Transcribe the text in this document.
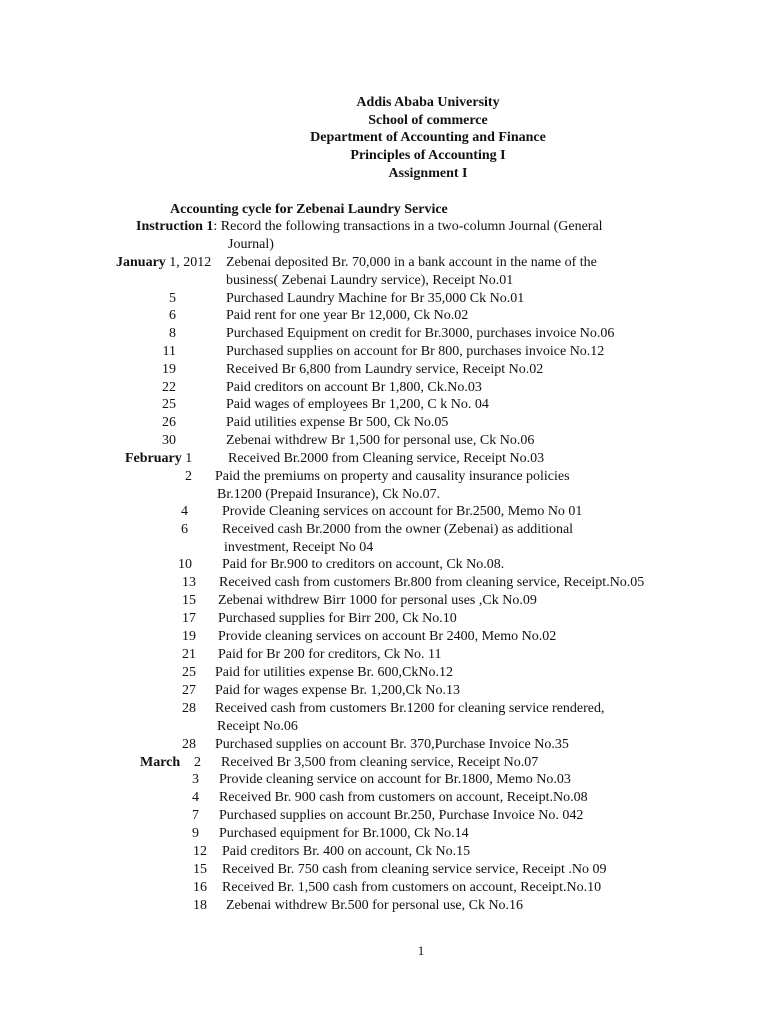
Addis Ababa University
School of commerce
Department of Accounting and Finance
Principles of Accounting I
Assignment I
Accounting cycle for Zebenai Laundry Service
Instruction 1: Record the following transactions in a two-column Journal (General
Journal)
January 1, 2012 Zebenai deposited Br. 70,000 in a bank account in the name of the
business( Zebenai Laundry service), Receipt No.01
5	Purchased Laundry Machine for Br 35,000 Ck No.01
6	Paid rent for one year Br 12,000, Ck No.02
8	Purchased Equipment on credit for Br.3000, purchases invoice No.06
11	Purchased supplies on account for Br 800, purchases invoice No.12
19	Received Br 6,800 from Laundry service, Receipt No.02
22	Paid creditors on account Br 1,800, Ck.No.03
25	Paid wages of employees Br 1,200, C k No. 04
26	Paid utilities expense Br 500, Ck No.05
30	Zebenai withdrew Br 1,500 for personal use, Ck No.06
February 1	Received Br.2000 from Cleaning service, Receipt No.03
2 Paid the premiums on property and causality insurance policies
Br.1200 (Prepaid Insurance), Ck No.07.
4 Provide Cleaning services on account for Br.2500, Memo No 01
6 Received cash Br.2000 from the owner (Zebenai) as additional
investment, Receipt No 04
10 Paid for Br.900 to creditors on account, Ck No.08.
13 Received cash from customers Br.800 from cleaning service, Receipt.No.05
15 Zebenai withdrew Birr 1000 for personal uses ,Ck No.09
17 Purchased supplies for Birr 200, Ck No.10
19 Provide cleaning services on account Br 2400, Memo No.02
21 Paid for Br 200 for creditors, Ck No. 11
25 Paid for utilities expense Br. 600,CkNo.12
27 Paid for wages expense Br. 1,200,Ck No.13
28 Received cash from customers Br.1200 for cleaning service rendered,
Receipt No.06
28 Purchased supplies on account Br. 370,Purchase Invoice No.35
March 2 Received Br 3,500 from cleaning service, Receipt No.07
3 Provide cleaning service on account for Br.1800, Memo No.03
4 Received Br. 900 cash from customers on account, Receipt.No.08
7 Purchased supplies on account Br.250, Purchase Invoice No. 042
9 Purchased equipment for Br.1000, Ck No.14
12 Paid creditors Br. 400 on account, Ck No.15
15 Received Br. 750 cash from cleaning service service, Receipt .No 09
16 Received Br. 1,500 cash from customers on account, Receipt.No.10
18 Zebenai withdrew Br.500 for personal use, Ck No.16
1
